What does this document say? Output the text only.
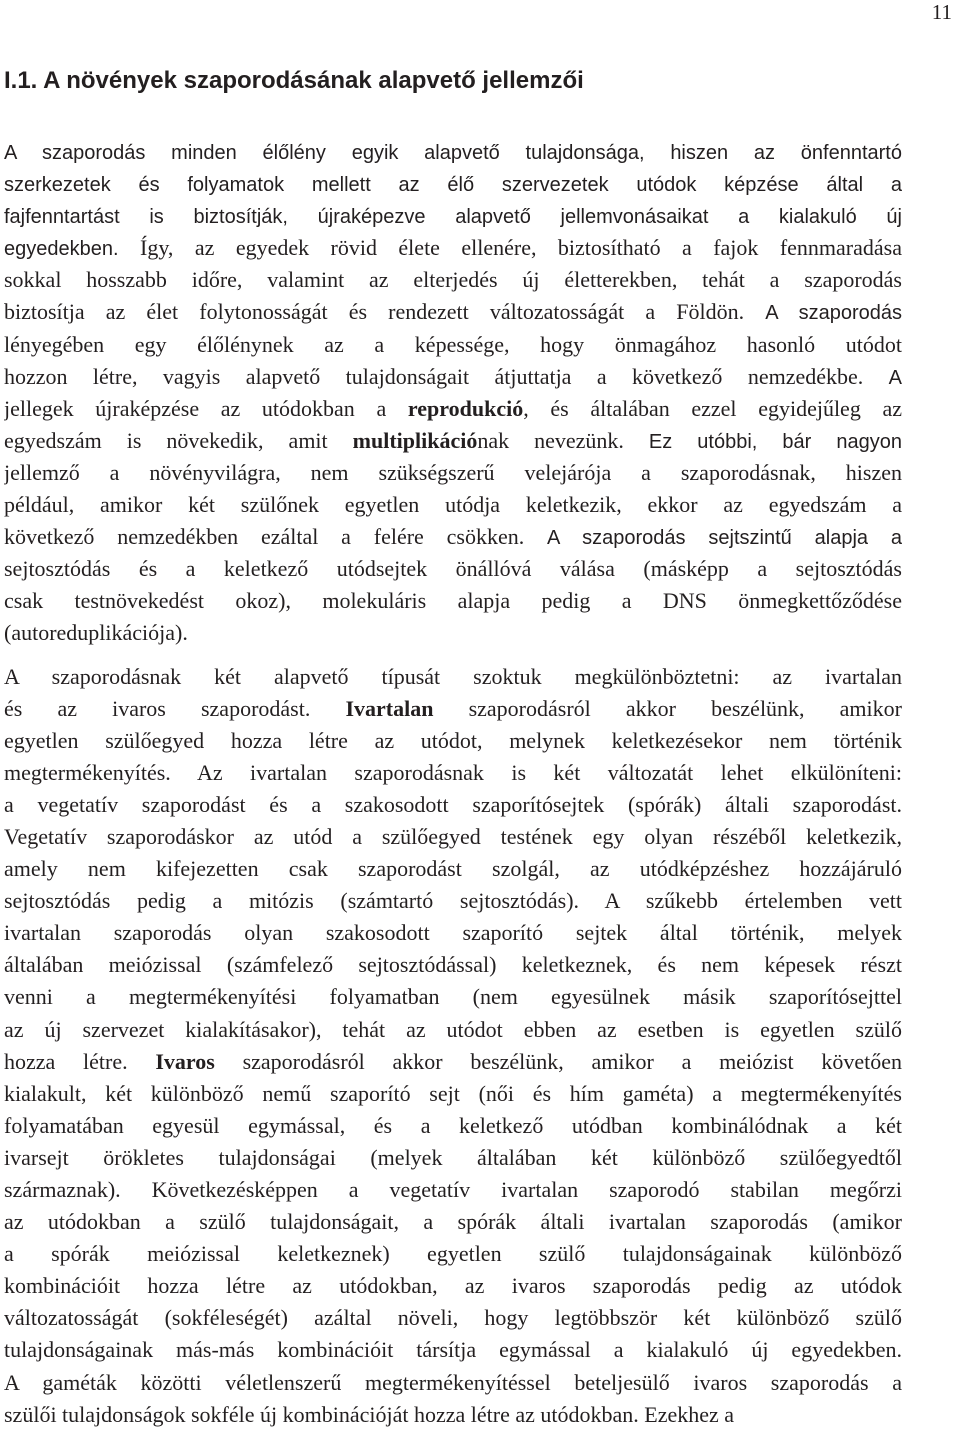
11
I.1. A növények szaporodásának alapvető jellemzői
A szaporodás minden élőlény egyik alapvető tulajdonsága, hiszen az önfenntartó
szerkezetek és folyamatok mellett az élő szervezetek utódok képzése által a
fajfenntartást is biztosítják, újraképezve alapvető jellemvonásaikat a kialakuló új
egyedekben. Így, az egyedek rövid élete ellenére, biztosítható a fajok fennmaradása
sokkal hosszabb időre, valamint az elterjedés új életterekben, tehát a szaporodás
biztosítja az élet folytonosságát és rendezett változatosságát a Földön. A szaporodás
lényegében egy élőlénynek az a képessége, hogy önmagához hasonló utódot
hozzon létre, vagyis alapvető tulajdonságait átjuttatja a következő nemzedékbe. A
jellegek újraképzése az utódokban a reprodukció, és általában ezzel egyidejűleg az
egyedszám is növekedik, amit multiplikációnak nevezünk. Ez utóbbi, bár nagyon
jellemző a növényvilágra, nem szükségszerű velejárója a szaporodásnak, hiszen
például, amikor két szülőnek egyetlen utódja keletkezik, ekkor az egyedszám a
következő nemzedékben ezáltal a felére csökken. A szaporodás sejtszintű alapja a
sejtosztódás és a keletkező utódsejtek önállóvá válása (másképp a sejtosztódás
csak testnövekedést okoz), molekuláris alapja pedig a DNS önmegkettőződése
(autoreduplikációja).
A szaporodásnak két alapvető típusát szoktuk megkülönböztetni: az ivartalan
és az ivaros szaporodást. Ivartalan szaporodásról akkor beszélünk, amikor
egyetlen szülőegyed hozza létre az utódot, melynek keletkezésekor nem történik
megtermékenyítés. Az ivartalan szaporodásnak is két változatát lehet elkülöníteni:
a vegetatív szaporodást és a szakosodott szaporítósejtek (spórák) általi szaporodást.
Vegetatív szaporodáskor az utód a szülőegyed testének egy olyan részéből keletkezik,
amely nem kifejezetten csak szaporodást szolgál, az utódképzéshez hozzájáruló
sejtosztódás pedig a mitózis (számtartó sejtosztódás). A szűkebb értelemben vett
ivartalan szaporodás olyan szakosodott szaporító sejtek által történik, melyek
általában meiózissal (számfelező sejtosztódással) keletkeznek, és nem képesek részt
venni a megtermékenyítési folyamatban (nem egyesülnek másik szaporítósejttel
az új szervezet kialakításakor), tehát az utódot ebben az esetben is egyetlen szülő
hozza létre. Ivaros szaporodásról akkor beszélünk, amikor a meiózist követően
kialakult, két különböző nemű szaporító sejt (női és hím gaméta) a megtermékenyítés
folyamatában egyesül egymással, és a keletkező utódban kombinálódnak a két
ivarsejt örökletes tulajdonságai (melyek általában két különböző szülőegyedtől
származnak). Következésképpen a vegetatív ivartalan szaporodó stabilan megőrzi
az utódokban a szülő tulajdonságait, a spórák általi ivartalan szaporodás (amikor
a spórák meiózissal keletkeznek) egyetlen szülő tulajdonságainak különböző
kombinációit hozza létre az utódokban, az ivaros szaporodás pedig az utódok
változatosságát (sokféleségét) azáltal növeli, hogy legtöbbször két különböző szülő
tulajdonságainak más-más kombinációit társítja egymással a kialakuló új egyedekben.
A gaméták közötti véletlenszerű megtermékenyítéssel beteljesülő ivaros szaporodás a
szülői tulajdonságok sokféle új kombinációját hozza létre az utódokban. Ezekhez a
